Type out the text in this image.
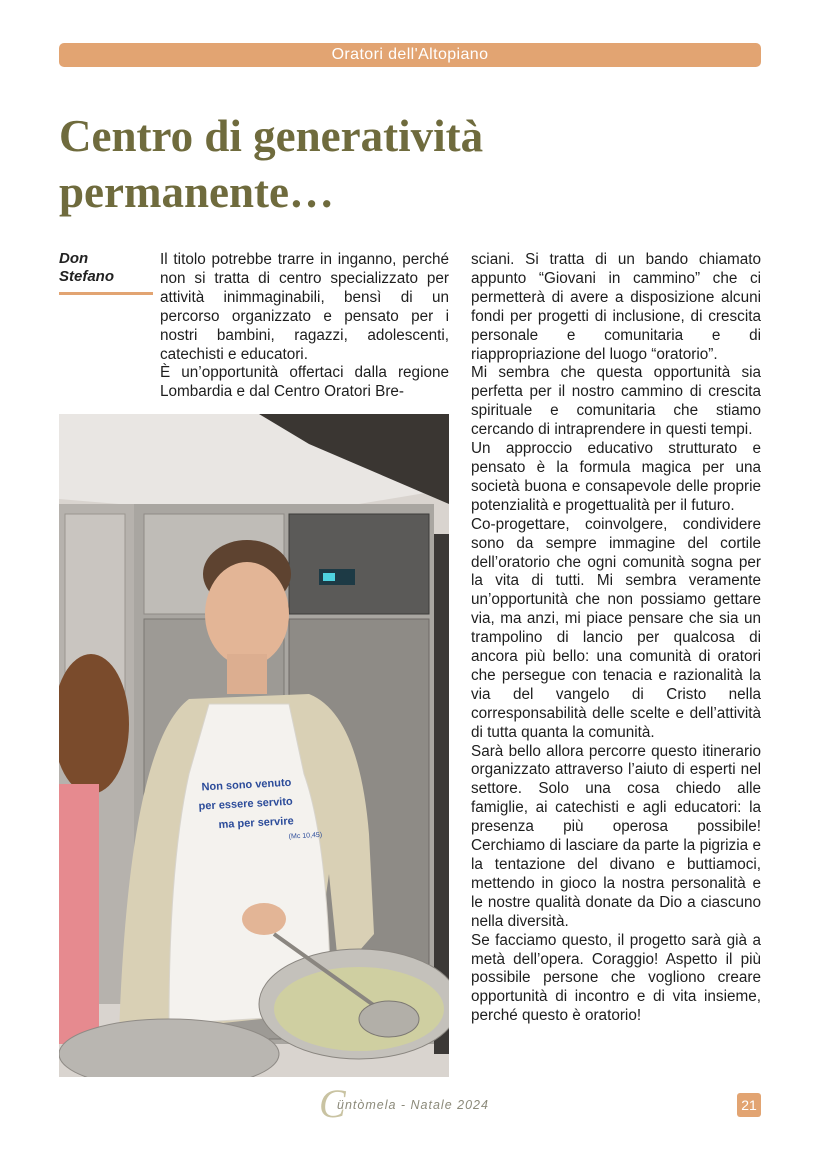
Oratori dell'Altopiano
Centro di generatività
permanente…
Don
Stefano

Il titolo potrebbe trarre in inganno, perché non si tratta di centro specializzato per attività inimmaginabili, bensì di un percorso organizzato e pensato per i nostri bambini, ragazzi, adolescenti, catechisti e educatori.

È un’opportunità offertaci dalla regione Lombardia e dal Centro Oratori Bre-

Non sono venuto
per essere servito
ma per servire
(Mc 10,45)

sciani. Si tratta di un bando chiamato appunto “Giovani in cammino” che ci permetterà di avere a disposizione alcuni fondi per progetti di inclusione, di crescita personale e comunitaria e di riappropriazione del luogo “oratorio”.

Mi sembra che questa opportunità sia perfetta per il nostro cammino di crescita spirituale e comunitaria che stiamo cercando di intraprendere in questi tempi.

Un approccio educativo strutturato e pensato è la formula magica per una società buona e consapevole delle proprie potenzialità e progettualità per il futuro.

Co-progettare, coinvolgere, condividere sono da sempre immagine del cortile dell’oratorio che ogni comunità sogna per la vita di tutti. Mi sembra veramente un’opportunità che non possiamo gettare via, ma anzi, mi piace pensare che sia un trampolino di lancio per qualcosa di ancora più bello: una comunità di oratori che persegue con tenacia e razionalità la via del vangelo di Cristo nella corresponsabilità delle scelte e dell’attività di tutta quanta la comunità.

Sarà bello allora percorre questo itinerario organizzato attraverso l’aiuto di esperti nel settore. Solo una cosa chiedo alle famiglie, ai catechisti e agli educatori: la presenza più operosa possibile! Cerchiamo di lasciare da parte la pigrizia e la tentazione del divano e buttiamoci, mettendo in gioco la nostra personalità e le nostre qualità donate da Dio a ciascuno nella diversità.

Se facciamo questo, il progetto sarà già a metà dell’opera. Coraggio! Aspetto il più possibile persone che vogliono creare opportunità di incontro e di vita insieme, perché questo è oratorio!

C
üntòmela - Natale 2024	21
